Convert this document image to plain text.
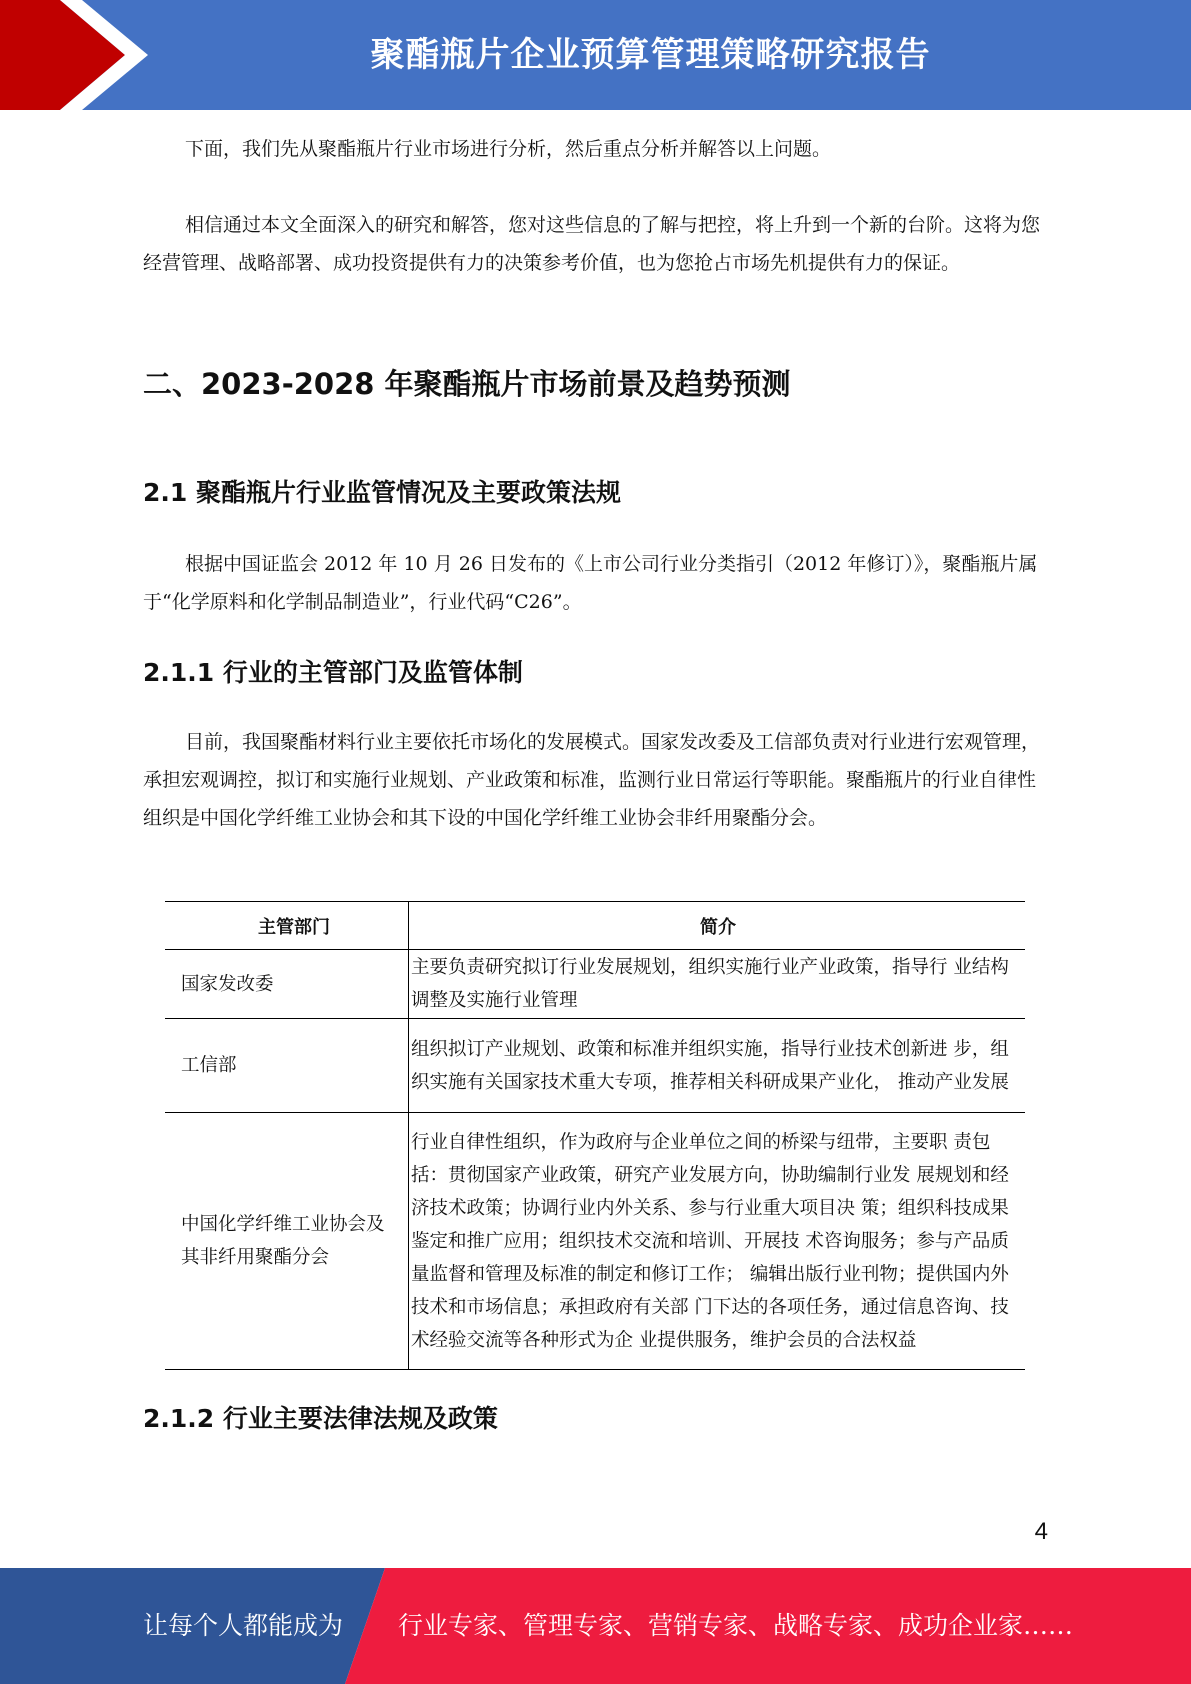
聚酯瓶片企业预算管理策略研究报告

下面，我们先从聚酯瓶片行业市场进行分析，然后重点分析并解答以上问题。

相信通过本文全面深入的研究和解答，您对这些信息的了解与把控，将上升到一个新的台阶。这将为您经营管理、战略部署、成功投资提供有力的决策参考价值，也为您抢占市场先机提供有力的保证。

二、2023-2028 年聚酯瓶片市场前景及趋势预测
2.1 聚酯瓶片行业监管情况及主要政策法规

根据中国证监会 2012 年 10 月 26 日发布的《上市公司行业分类指引（2012 年修订）》，聚酯瓶片属于“化学原料和化学制品制造业”，行业代码“C26”。

2.1.1 行业的主管部门及监管体制

目前，我国聚酯材料行业主要依托市场化的发展模式。国家发改委及工信部负责对行业进行宏观管理，承担宏观调控，拟订和实施行业规划、产业政策和标准，监测行业日常运行等职能。聚酯瓶片的行业自律性组织是中国化学纤维工业协会和其下设的中国化学纤维工业协会非纤用聚酯分会。

主管部门	简介
国家发改委	主要负责研究拟订行业发展规划，组织实施行业产业政策，指导行 业结构调整及实施行业管理
工信部	组织拟订产业规划、政策和标准并组织实施，指导行业技术创新进 步，组织实施有关国家技术重大专项，推荐相关科研成果产业化， 推动产业发展
中国化学纤维工业协会及其非纤用聚酯分会	行业自律性组织，作为政府与企业单位之间的桥梁与纽带，主要职 责包括：贯彻国家产业政策，研究产业发展方向，协助编制行业发 展规划和经济技术政策；协调行业内外关系、参与行业重大项目决 策；组织科技成果鉴定和推广应用；组织技术交流和培训、开展技 术咨询服务；参与产品质量监督和管理及标准的制定和修订工作； 编辑出版行业刊物；提供国内外技术和市场信息；承担政府有关部 门下达的各项任务，通过信息咨询、技术经验交流等各种形式为企 业提供服务，维护会员的合法权益
2.1.2 行业主要法律法规及政策
4
让每个人都能成为 行业专家、管理专家、营销专家、战略专家、成功企业家……
